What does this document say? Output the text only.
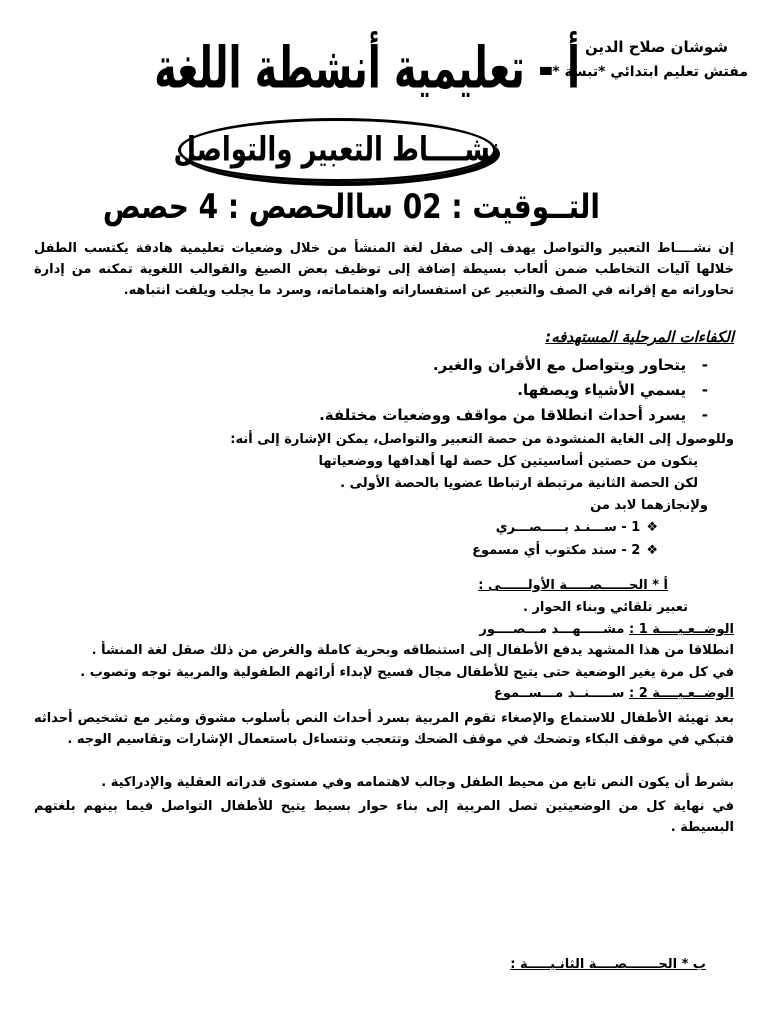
شوشان صلاح الدين
مفتش تعليم ابتدائي *تبسة *
أ - تعليمية أنشطة اللغة
نشــــاط التعبير والتواصل
التــوقيت : 02 سا
الحصص : 4 حصص
إن نشــــاط التعبير والتواصل يهدف إلى صقل لغة المنشأ من خلال وضعيات تعليمية هادفة يكتسب الطفل خلالها آليات التخاطب ضمن ألعاب بسيطة إضافة إلى توظيف بعض الصيغ والقوالب اللغوية تمكنه من إدارة تحاوراته مع إقرانه في الصف والتعبير عن استفساراته واهتماماته، وسرد ما يجلب ويلفت انتباهه.
الكفاءات المرحلية المستهدفه:
-   يتحاور ويتواصل مع الأقران والغير.
-   يسمي الأشياء ويصفها.
-   يسرد أحداث انطلاقا من مواقف ووضعيات مختلفة.
وللوصول إلى الغاية المنشودة من حصة التعبير والتواصل، يمكن الإشارة إلى أنه:
يتكون من حصتين أساسيتين كل حصة لها أهدافها ووضعياتها
لكن الحصة الثانية مرتبطة ارتباطا عضويا بالحصة الأولى .
ولإنجازهما لابد من
❖1 - ســـنـد بـــــصـــري
❖2 - سند مكتوب أي مسموع
أ * الحــــــصـــــة الأولــــــى :
تعبير تلقائي وبناء الحوار .
الوضــعـيــــة 1 : مشـــــهـــد مـــصــــور
انطلاقا من هذا المشهد يدفع الأطفال إلى استنطاقه وبحرية كاملة والغرض من ذلك صقل لغة المنشأ .
في كل مرة يغير الوضعية حتى يتيح للأطفال مجال فسيح لإبداء أرائهم الطفولية والمربية توجه وتصوب .
الوضــعـيــــة 2 : ســـــنــد مـــســموع
بعد تهيئة الأطفال للاستماع والإصغاء تقوم المربية بسرد أحداث النص بأسلوب مشوق ومثير مع تشخيص أحداثه فتبكي في موقف البكاء وتضحك في موقف الضحك وتتعجب وتتساءل باستعمال الإشارات وتقاسيم الوجه .
بشرط أن يكون النص تابع من محيط الطفل وجالب لاهتمامه وفي مستوى قدراته العقلية والإدراكية .
في نهاية كل من الوضعيتين تصل المربية إلى بناء حوار بسيط يتيح للأطفال التواصل فيما بينهم بلغتهم البسيطة .
ب * الحـــــــصــــة الثانـيـــــة :
